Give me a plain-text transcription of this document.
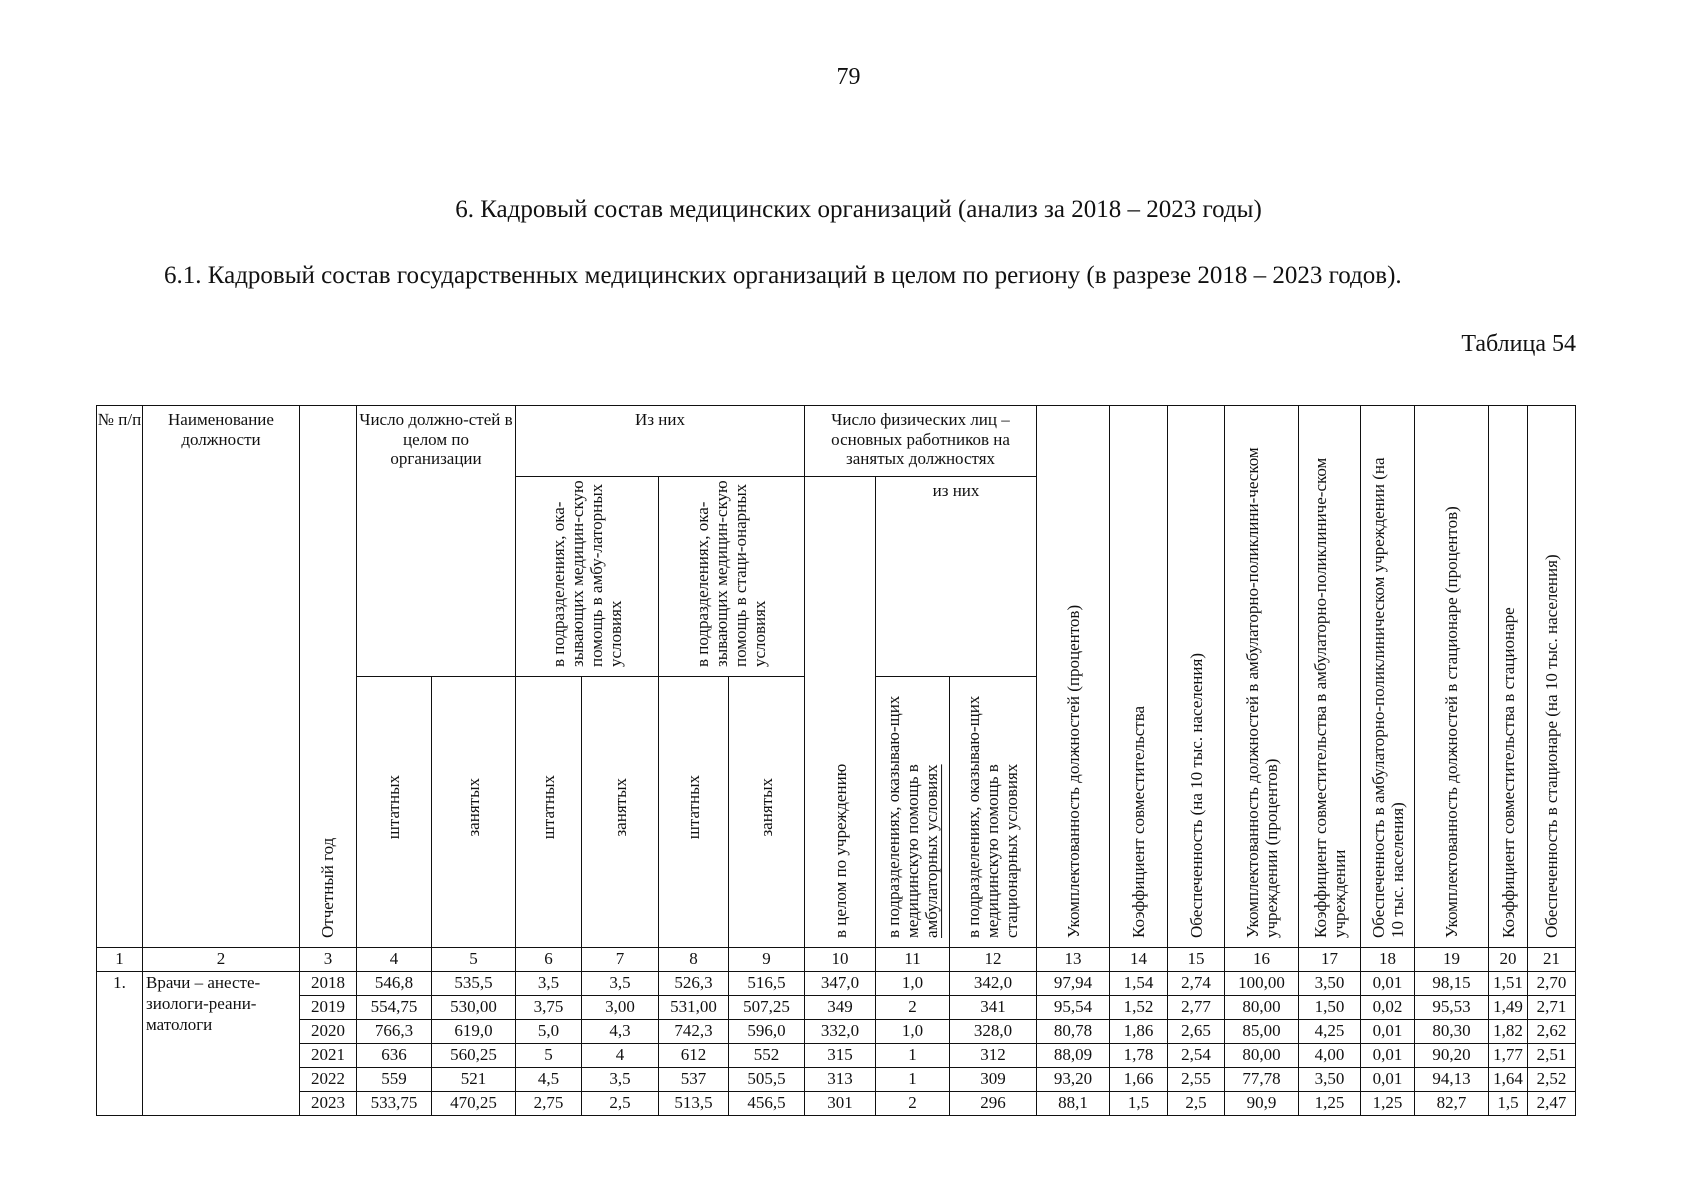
79
6. Кадровый состав медицинских организаций (анализ за 2018 – 2023 годы)
6.1. Кадровый состав государственных медицинских организаций в целом по региону (в разрезе 2018 – 2023 годов).
Таблица 54
№ п/п	Наименование должности	Отчетный год	Число должно-стей в целом по организации		Из них				Число физических лиц – основных работников на занятых должностях			Укомплектованность должностей (процентов)	Коэффициент совместительства	Обеспеченность (на 10 тыс. населения)	Укомплектованность должностей в амбулаторно-поликлини-ческом учреждении (процентов)	Коэффициент совместительства в амбулаторно-поликлиниче-ском учреждении	Обеспеченность в амбулаторно-поликлиническом учреждении (на 10 тыс. населения)	Укомплектованность должностей в стационаре (процентов)	Коэффициент совместительства в стационаре	Обеспеченность в стационаре (на 10 тыс. населения)
					в подразделениях, ока-зывающих медицин-скую помощь в амбу-латорных условиях		в подразделениях, ока-зывающих медицин-скую помощь в стаци-онарных условиях		в целом по учреждению	из них										

			штатных	занятых	штатных	занятых	штатных	занятых		в подразделениях, оказываю-щих медицинскую помощь в амбулаторных условиях	в подразделениях, оказываю-щих медицинскую помощь в стационарных условиях									
1	2	3	4	5	6	7	8	9	10	11	12	13	14	15	16	17	18	19	20	21
1.	Врачи – анесте-зиологи-реани-матологи	2018	546,8	535,5	3,5	3,5	526,3	516,5	347,0	1,0	342,0	97,94	1,54	2,74	100,00	3,50	0,01	98,15	1,51	2,70
		2019	554,75	530,00	3,75	3,00	531,00	507,25	349	2	341	95,54	1,52	2,77	80,00	1,50	0,02	95,53	1,49	2,71
		2020	766,3	619,0	5,0	4,3	742,3	596,0	332,0	1,0	328,0	80,78	1,86	2,65	85,00	4,25	0,01	80,30	1,82	2,62
		2021	636	560,25	5	4	612	552	315	1	312	88,09	1,78	2,54	80,00	4,00	0,01	90,20	1,77	2,51
		2022	559	521	4,5	3,5	537	505,5	313	1	309	93,20	1,66	2,55	77,78	3,50	0,01	94,13	1,64	2,52
		2023	533,75	470,25	2,75	2,5	513,5	456,5	301	2	296	88,1	1,5	2,5	90,9	1,25	1,25	82,7	1,5	2,47
